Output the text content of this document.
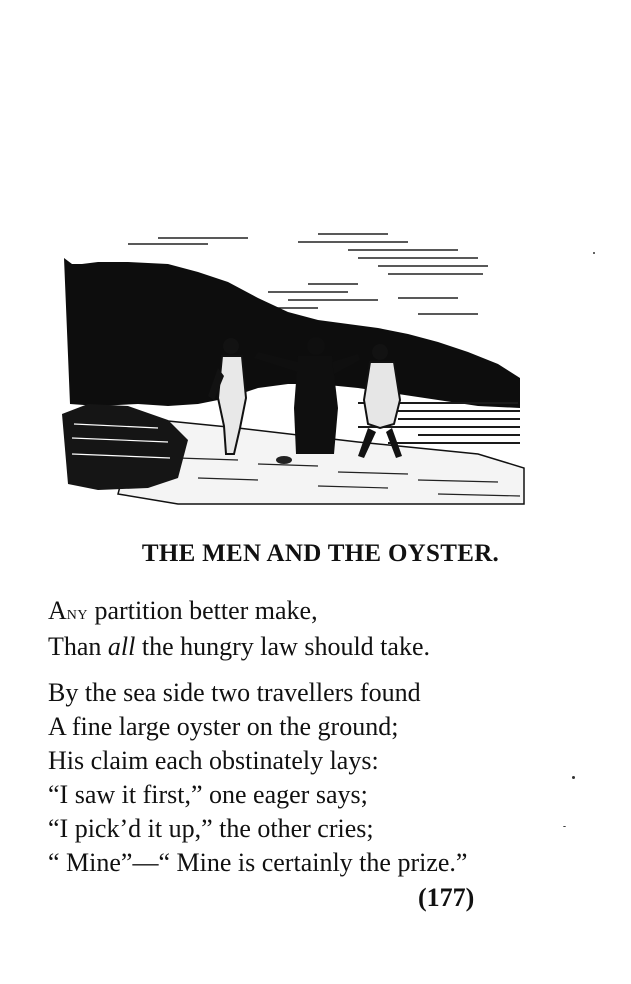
THE MEN AND THE OYSTER.
Any partition better make,
Than all the hungry law should take.
By the sea side two travellers found
A fine large oyster on the ground;
His claim each obstinately lays:
“I saw it first,” one eager says;
“I pick’d it up,” the other cries;
“ Mine”—“ Mine is certainly the prize.”
(177)
